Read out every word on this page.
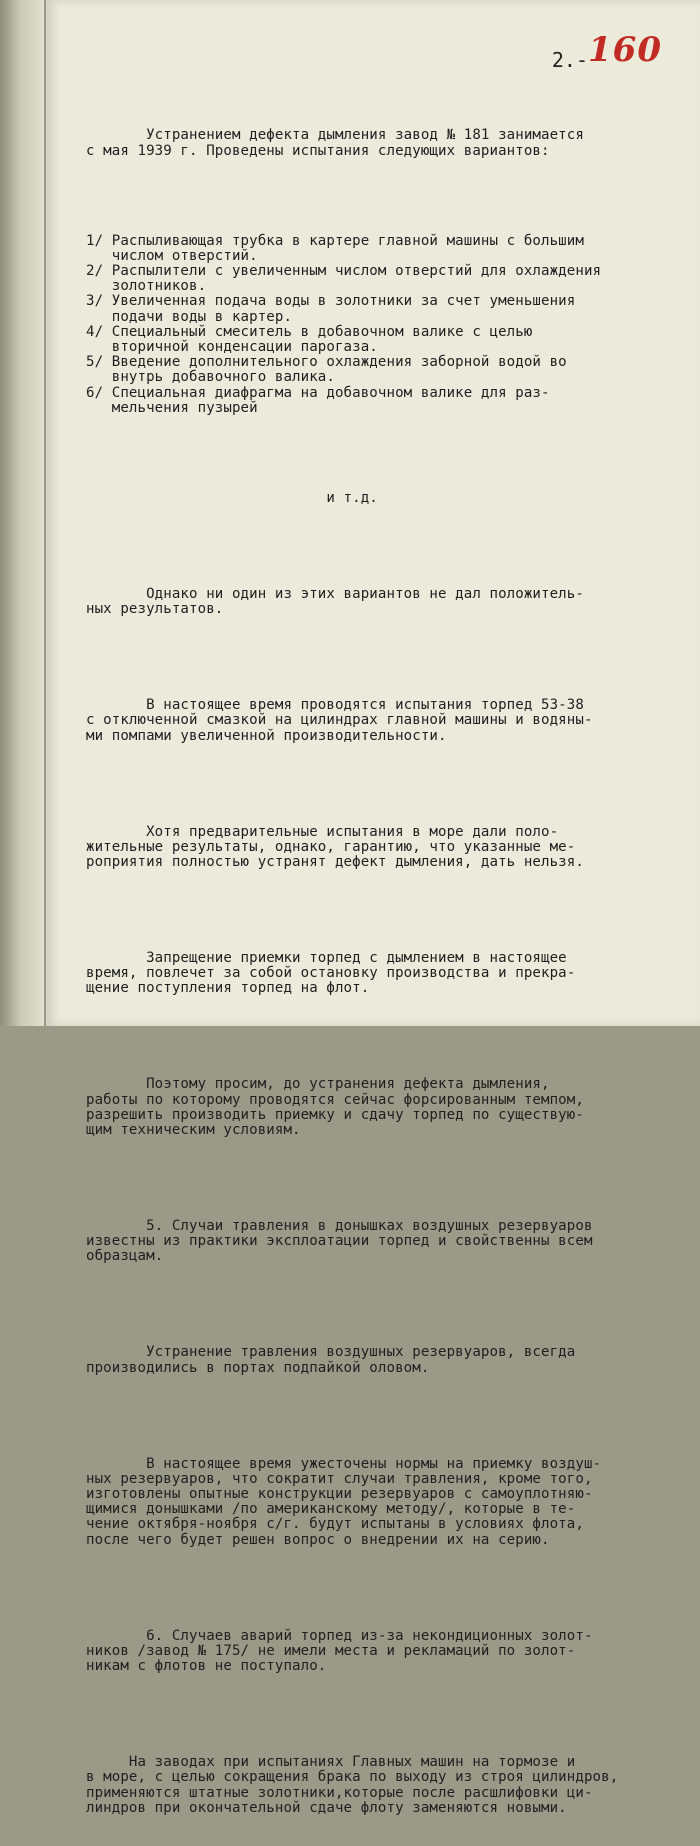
2.-160

Устранением дефекта дымления завод № 181 занимается
с мая 1939 г. Проведены испытания следующих вариантов:

1/ Распыливающая трубка в картере главной машины с большим
числом отверстий.
2/ Распылители с увеличенным числом отверстий для охлаждения
золотников.
3/ Увеличенная подача воды в золотники за счет уменьшения
подачи воды в картер.
4/ Специальный смеситель в добавочном валике с целью
вторичной конденсации парогаза.
5/ Введение дополнительного охлаждения заборной водой во
внутрь добавочного валика.
6/ Специальная диафрагма на добавочном валике для раз-
мельчения пузырей

и т.д.

Однако ни один из этих вариантов не дал положитель-
ных результатов.

В настоящее время проводятся испытания торпед 53-38
с отключенной смазкой на цилиндрах главной машины и водяны-
ми помпами увеличенной производительности.

Хотя предварительные испытания в море дали поло-
жительные результаты, однако, гарантию, что указанные ме-
роприятия полностью устранят дефект дымления, дать нельзя.

Запрещение приемки торпед с дымлением в настоящее
время, повлечет за собой остановку производства и прекра-
щение поступления торпед на флот.

Поэтому просим, до устранения дефекта дымления,
работы по которому проводятся сейчас форсированным темпом,
разрешить производить приемку и сдачу торпед по существую-
щим техническим условиям.

5. Случаи травления в донышках воздушных резервуаров
известны из практики эксплоатации торпед и свойственны всем
образцам.

Устранение травления воздушных резервуаров, всегда
производились в портах подпайкой оловом.

В настоящее время ужесточены нормы на приемку воздуш-
ных резервуаров, что сократит случаи травления, кроме того,
изготовлены опытные конструкции резервуаров с самоуплотняю-
щимися донышками /по американскому методу/, которые в те-
чение октября-ноября с/г. будут испытаны в условиях флота,
после чего будет решен вопрос о внедрении их на серию.

6. Случаев аварий торпед из-за некондиционных золот-
ников /завод № 175/ не имели места и рекламаций по золот-
никам с флотов не поступало.

На заводах при испытаниях Главных машин на тормозе и
в море, с целью сокращения брака по выходу из строя цилиндров,
применяются штатные золотники,которые после расшлифовки ци-
линдров при окончательной сдаче флоту заменяются новыми.
